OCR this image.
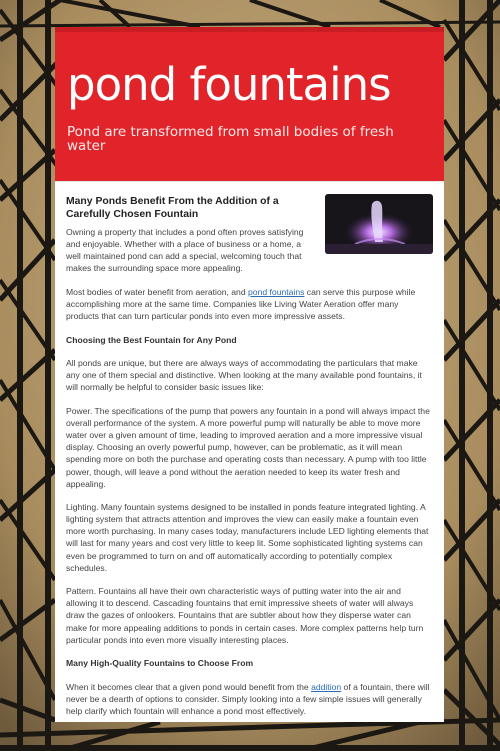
pond fountains
Pond are transformed from small bodies of fresh water
Many Ponds Benefit From the Addition of a Carefully Chosen Fountain

Owning a property that includes a pond often proves satisfying and enjoyable. Whether with a place of business or a home, a well maintained pond can add a special, welcoming touch that makes the surrounding space more appealing.

Most bodies of water benefit from aeration, and pond fountains can serve this purpose while accomplishing more at the same time. Companies like Living Water Aeration offer many products that can turn particular ponds into even more impressive assets.

Choosing the Best Fountain for Any Pond

All ponds are unique, but there are always ways of accommodating the particulars that make any one of them special and distinctive. When looking at the many available pond fountains, it will normally be helpful to consider basic issues like:

Power. The specifications of the pump that powers any fountain in a pond will always impact the overall performance of the system. A more powerful pump will naturally be able to move more water over a given amount of time, leading to improved aeration and a more impressive visual display. Choosing an overly powerful pump, however, can be problematic, as it will mean spending more on both the purchase and operating costs than necessary. A pump with too little power, though, will leave a pond without the aeration needed to keep its water fresh and appealing.

Lighting. Many fountain systems designed to be installed in ponds feature integrated lighting. A lighting system that attracts attention and improves the view can easily make a fountain even more worth purchasing. In many cases today, manufacturers include LED lighting elements that will last for many years and cost very little to keep lit. Some sophisticated lighting systems can even be programmed to turn on and off automatically according to potentially complex schedules.

Pattern. Fountains all have their own characteristic ways of putting water into the air and allowing it to descend. Cascading fountains that emit impressive sheets of water will always draw the gazes of onlookers. Fountains that are subtler about how they disperse water can make for more appealing additions to ponds in certain cases. More complex patterns help turn particular ponds into even more visually interesting places.

Many High-Quality Fountains to Choose From

When it becomes clear that a given pond would benefit from the addition of a fountain, there will never be a dearth of options to consider. Simply looking into a few simple issues will generally help clarify which fountain will enhance a pond most effectively.
